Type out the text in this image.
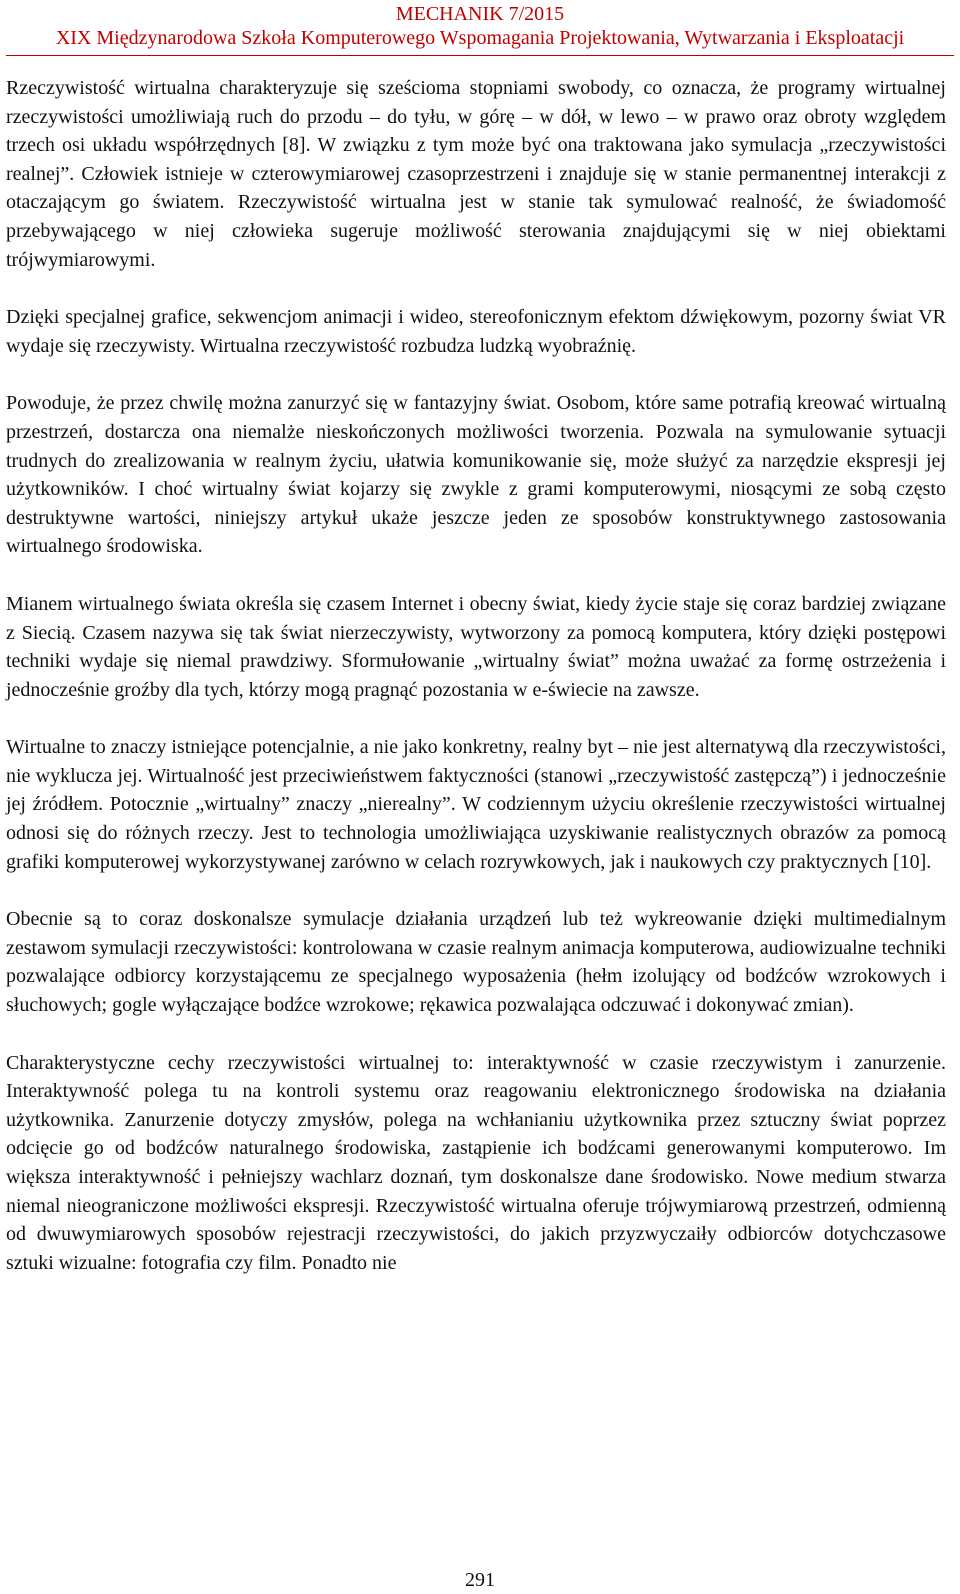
MECHANIK 7/2015
XIX Międzynarodowa Szkoła Komputerowego Wspomagania Projektowania, Wytwarzania i Eksploatacji

Rzeczywistość wirtualna charakteryzuje się sześcioma stopniami swobody, co oznacza, że programy wirtualnej rzeczywistości umożliwiają ruch do przodu – do tyłu, w górę – w dół, w lewo – w prawo oraz obroty względem trzech osi układu współrzędnych [8]. W związku z tym może być ona traktowana jako symulacja „rzeczywistości realnej”. Człowiek istnieje w czterowymiarowej czasoprzestrzeni i znajduje się w stanie permanentnej interakcji z otaczającym go światem. Rzeczywistość wirtualna jest w stanie tak symulować realność, że świadomość przebywającego w niej człowieka sugeruje możliwość sterowania znajdującymi się w niej obiektami trójwymiarowymi.

Dzięki specjalnej grafice, sekwencjom animacji i wideo, stereofonicznym efektom dźwiękowym, pozorny świat VR wydaje się rzeczywisty. Wirtualna rzeczywistość rozbudza ludzką wyobraźnię.

Powoduje, że przez chwilę można zanurzyć się w fantazyjny świat. Osobom, które same potrafią kreować wirtualną przestrzeń, dostarcza ona niemalże nieskończonych możliwości tworzenia. Pozwala na symulowanie sytuacji trudnych do zrealizowania w realnym życiu, ułatwia komunikowanie się, może służyć za narzędzie ekspresji jej użytkowników. I choć wirtualny świat kojarzy się zwykle z grami komputerowymi, niosącymi ze sobą często destruktywne wartości, niniejszy artykuł ukaże jeszcze jeden ze sposobów konstruktywnego zastosowania wirtualnego środowiska.

Mianem wirtualnego świata określa się czasem Internet i obecny świat, kiedy życie staje się coraz bardziej związane z Siecią. Czasem nazywa się tak świat nierzeczywisty, wytworzony za pomocą komputera, który dzięki postępowi techniki wydaje się niemal prawdziwy. Sformułowanie „wirtualny świat” można uważać za formę ostrzeżenia i jednocześnie groźby dla tych, którzy mogą pragnąć pozostania w e-świecie na zawsze.

Wirtualne to znaczy istniejące potencjalnie, a nie jako konkretny, realny byt – nie jest alternatywą dla rzeczywistości, nie wyklucza jej. Wirtualność jest przeciwieństwem faktyczności (stanowi „rzeczywistość zastępczą”) i jednocześnie jej źródłem. Potocznie „wirtualny” znaczy „nierealny”. W codziennym użyciu określenie rzeczywistości wirtualnej odnosi się do różnych rzeczy. Jest to technologia umożliwiająca uzyskiwanie realistycznych obrazów za pomocą grafiki komputerowej wykorzystywanej zarówno w celach rozrywkowych, jak i naukowych czy praktycznych [10].

Obecnie są to coraz doskonalsze symulacje działania urządzeń lub też wykreowanie dzięki multimedialnym zestawom symulacji rzeczywistości: kontrolowana w czasie realnym animacja komputerowa, audiowizualne techniki pozwalające odbiorcy korzystającemu ze specjalnego wyposażenia (hełm izolujący od bodźców wzrokowych i słuchowych; gogle wyłączające bodźce wzrokowe; rękawica pozwalająca odczuwać i dokonywać zmian).

Charakterystyczne cechy rzeczywistości wirtualnej to: interaktywność w czasie rzeczywistym i zanurzenie. Interaktywność polega tu na kontroli systemu oraz reagowaniu elektronicznego środowiska na działania użytkownika. Zanurzenie dotyczy zmysłów, polega na wchłanianiu użytkownika przez sztuczny świat poprzez odcięcie go od bodźców naturalnego środowiska, zastąpienie ich bodźcami generowanymi komputerowo. Im większa interaktywność i pełniejszy wachlarz doznań, tym doskonalsze dane środowisko. Nowe medium stwarza niemal nieograniczone możliwości ekspresji. Rzeczywistość wirtualna oferuje trójwymiarową przestrzeń, odmienną od dwuwymiarowych sposobów rejestracji rzeczywistości, do jakich przyzwyczaiły odbiorców dotychczasowe sztuki wizualne: fotografia czy film. Ponadto nie

291
